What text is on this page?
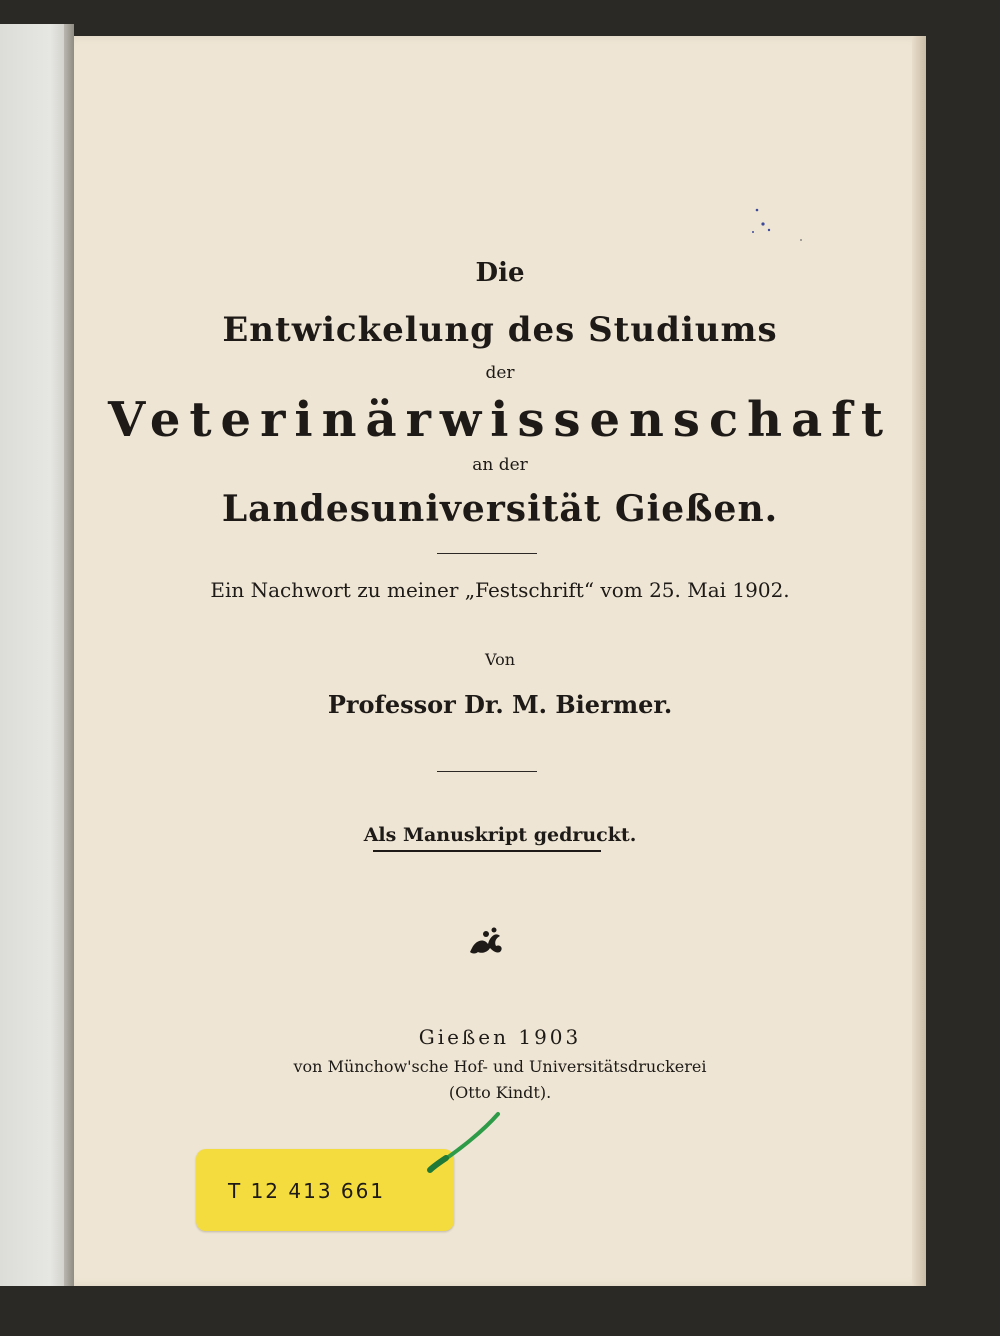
Die
Entwickelung des Studiums
der
Veterinärwissenschaft
an der
Landesuniversität Gießen.
Ein Nachwort zu meiner „Festschrift“ vom 25. Mai 1902.
Von
Professor Dr. M. Biermer.
Als Manuskript gedruckt.
Gießen 1903
von Münchow'sche Hof- und Universitätsdruckerei
(Otto Kindt).
T 12 413 661
